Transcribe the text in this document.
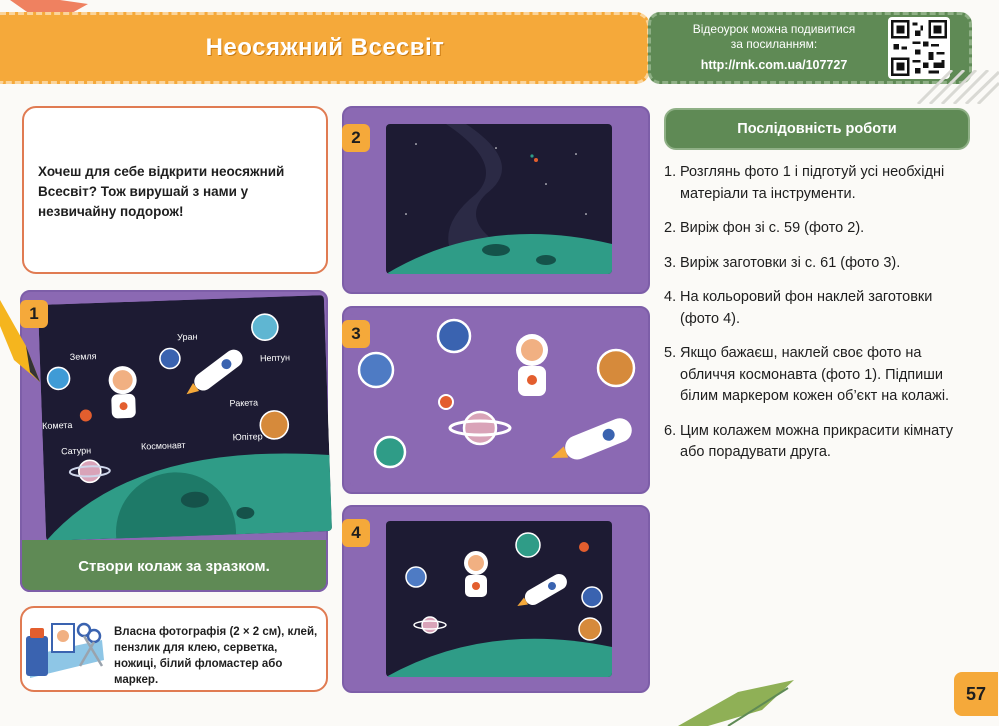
Неосяжний Всесвіт
Відеоурок можна подивитися
за посиланням:
http://rnk.com.ua/107727

Хочеш для себе відкрити неосяжний Всесвіт? Тож вирушай з нами у незвичайну подорож!

Земля
Уран
Нептун
Комета
Ракета
Космонавт
Юпітер
Сатурн
1
Створи колаж за зразком.
2
3
4

Власна фотографія (2 × 2 см), клей, пензлик для клею, серветка, ножиці, білий фломастер або маркер.

Послідовність роботи
1. Розглянь фото 1 і підготуй усі необхідні матеріали та інструменти.
2. Виріж фон зі с. 59 (фото 2).
3. Виріж заготовки зі с. 61 (фото 3).
4. На кольоровий фон наклей заготовки (фото 4).
5. Якщо бажаєш, наклей своє фото на обличчя космонавта (фото 1). Підпиши білим маркером кожен об’єкт на колажі.
6. Цим колажем можна прикрасити кімнату або порадувати друга.
57
